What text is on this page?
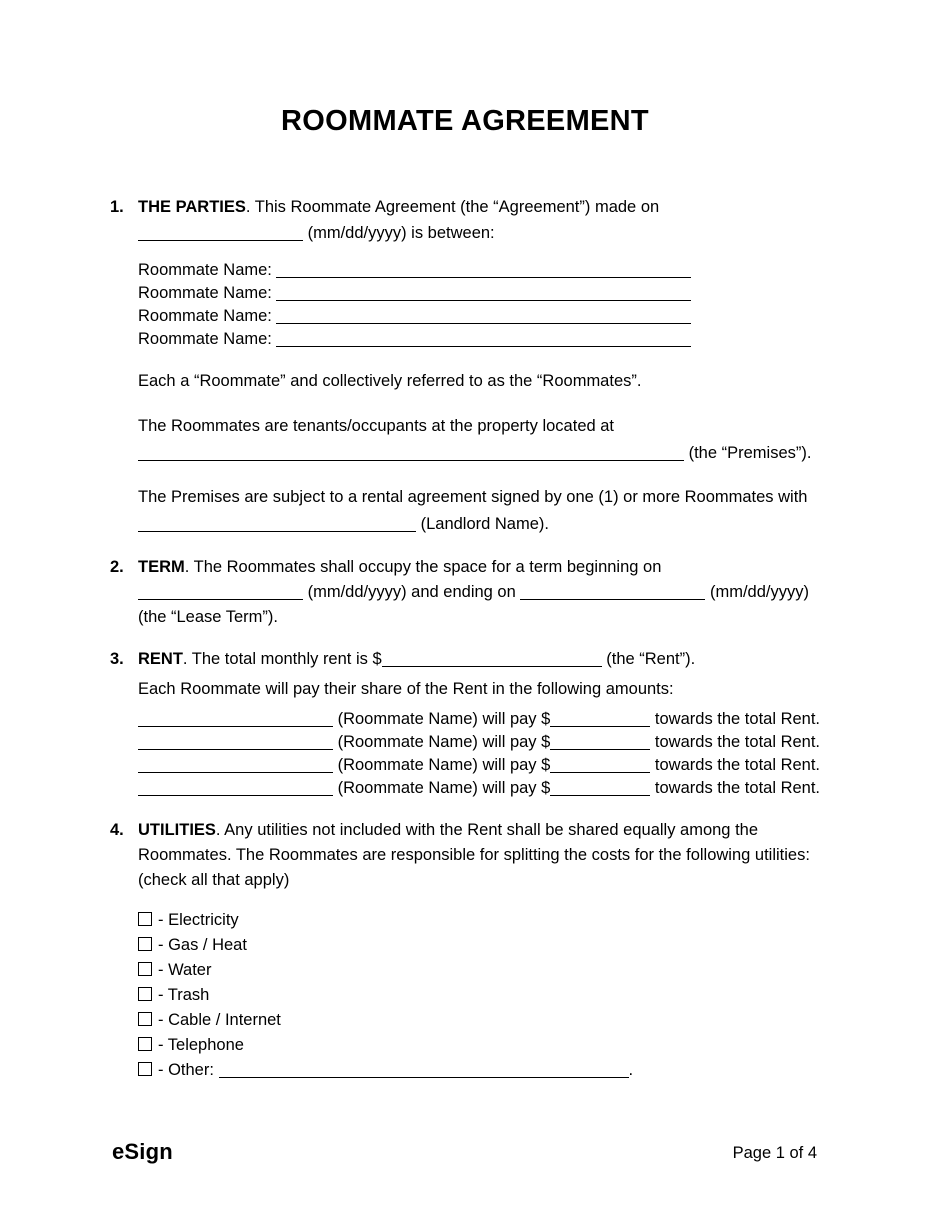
ROOMMATE AGREEMENT
1. THE PARTIES. This Roommate Agreement (the “Agreement”) made on
(mm/dd/yyyy) is between:
Roommate Name:
Roommate Name:
Roommate Name:
Roommate Name:
Each a “Roommate” and collectively referred to as the “Roommates”.
The Roommates are tenants/occupants at the property located at
(the “Premises”).
The Premises are subject to a rental agreement signed by one (1) or more Roommates with
(Landlord Name).
2. TERM. The Roommates shall occupy the space for a term beginning on
(mm/dd/yyyy) and ending on	(mm/dd/yyyy)
(the “Lease Term”).
3. RENT. The total monthly rent is $	(the “Rent”).
Each Roommate will pay their share of the Rent in the following amounts:
(Roommate Name) will pay $	towards the total Rent.
(Roommate Name) will pay $	towards the total Rent.
(Roommate Name) will pay $	towards the total Rent.
(Roommate Name) will pay $	towards the total Rent.
4. UTILITIES. Any utilities not included with the Rent shall be shared equally among the
Roommates. The Roommates are responsible for splitting the costs for the following utilities:
(check all that apply)
- Electricity
- Gas / Heat
- Water
- Trash
- Cable / Internet
- Telephone
- Other:	.
eSign	Page 1 of 4
